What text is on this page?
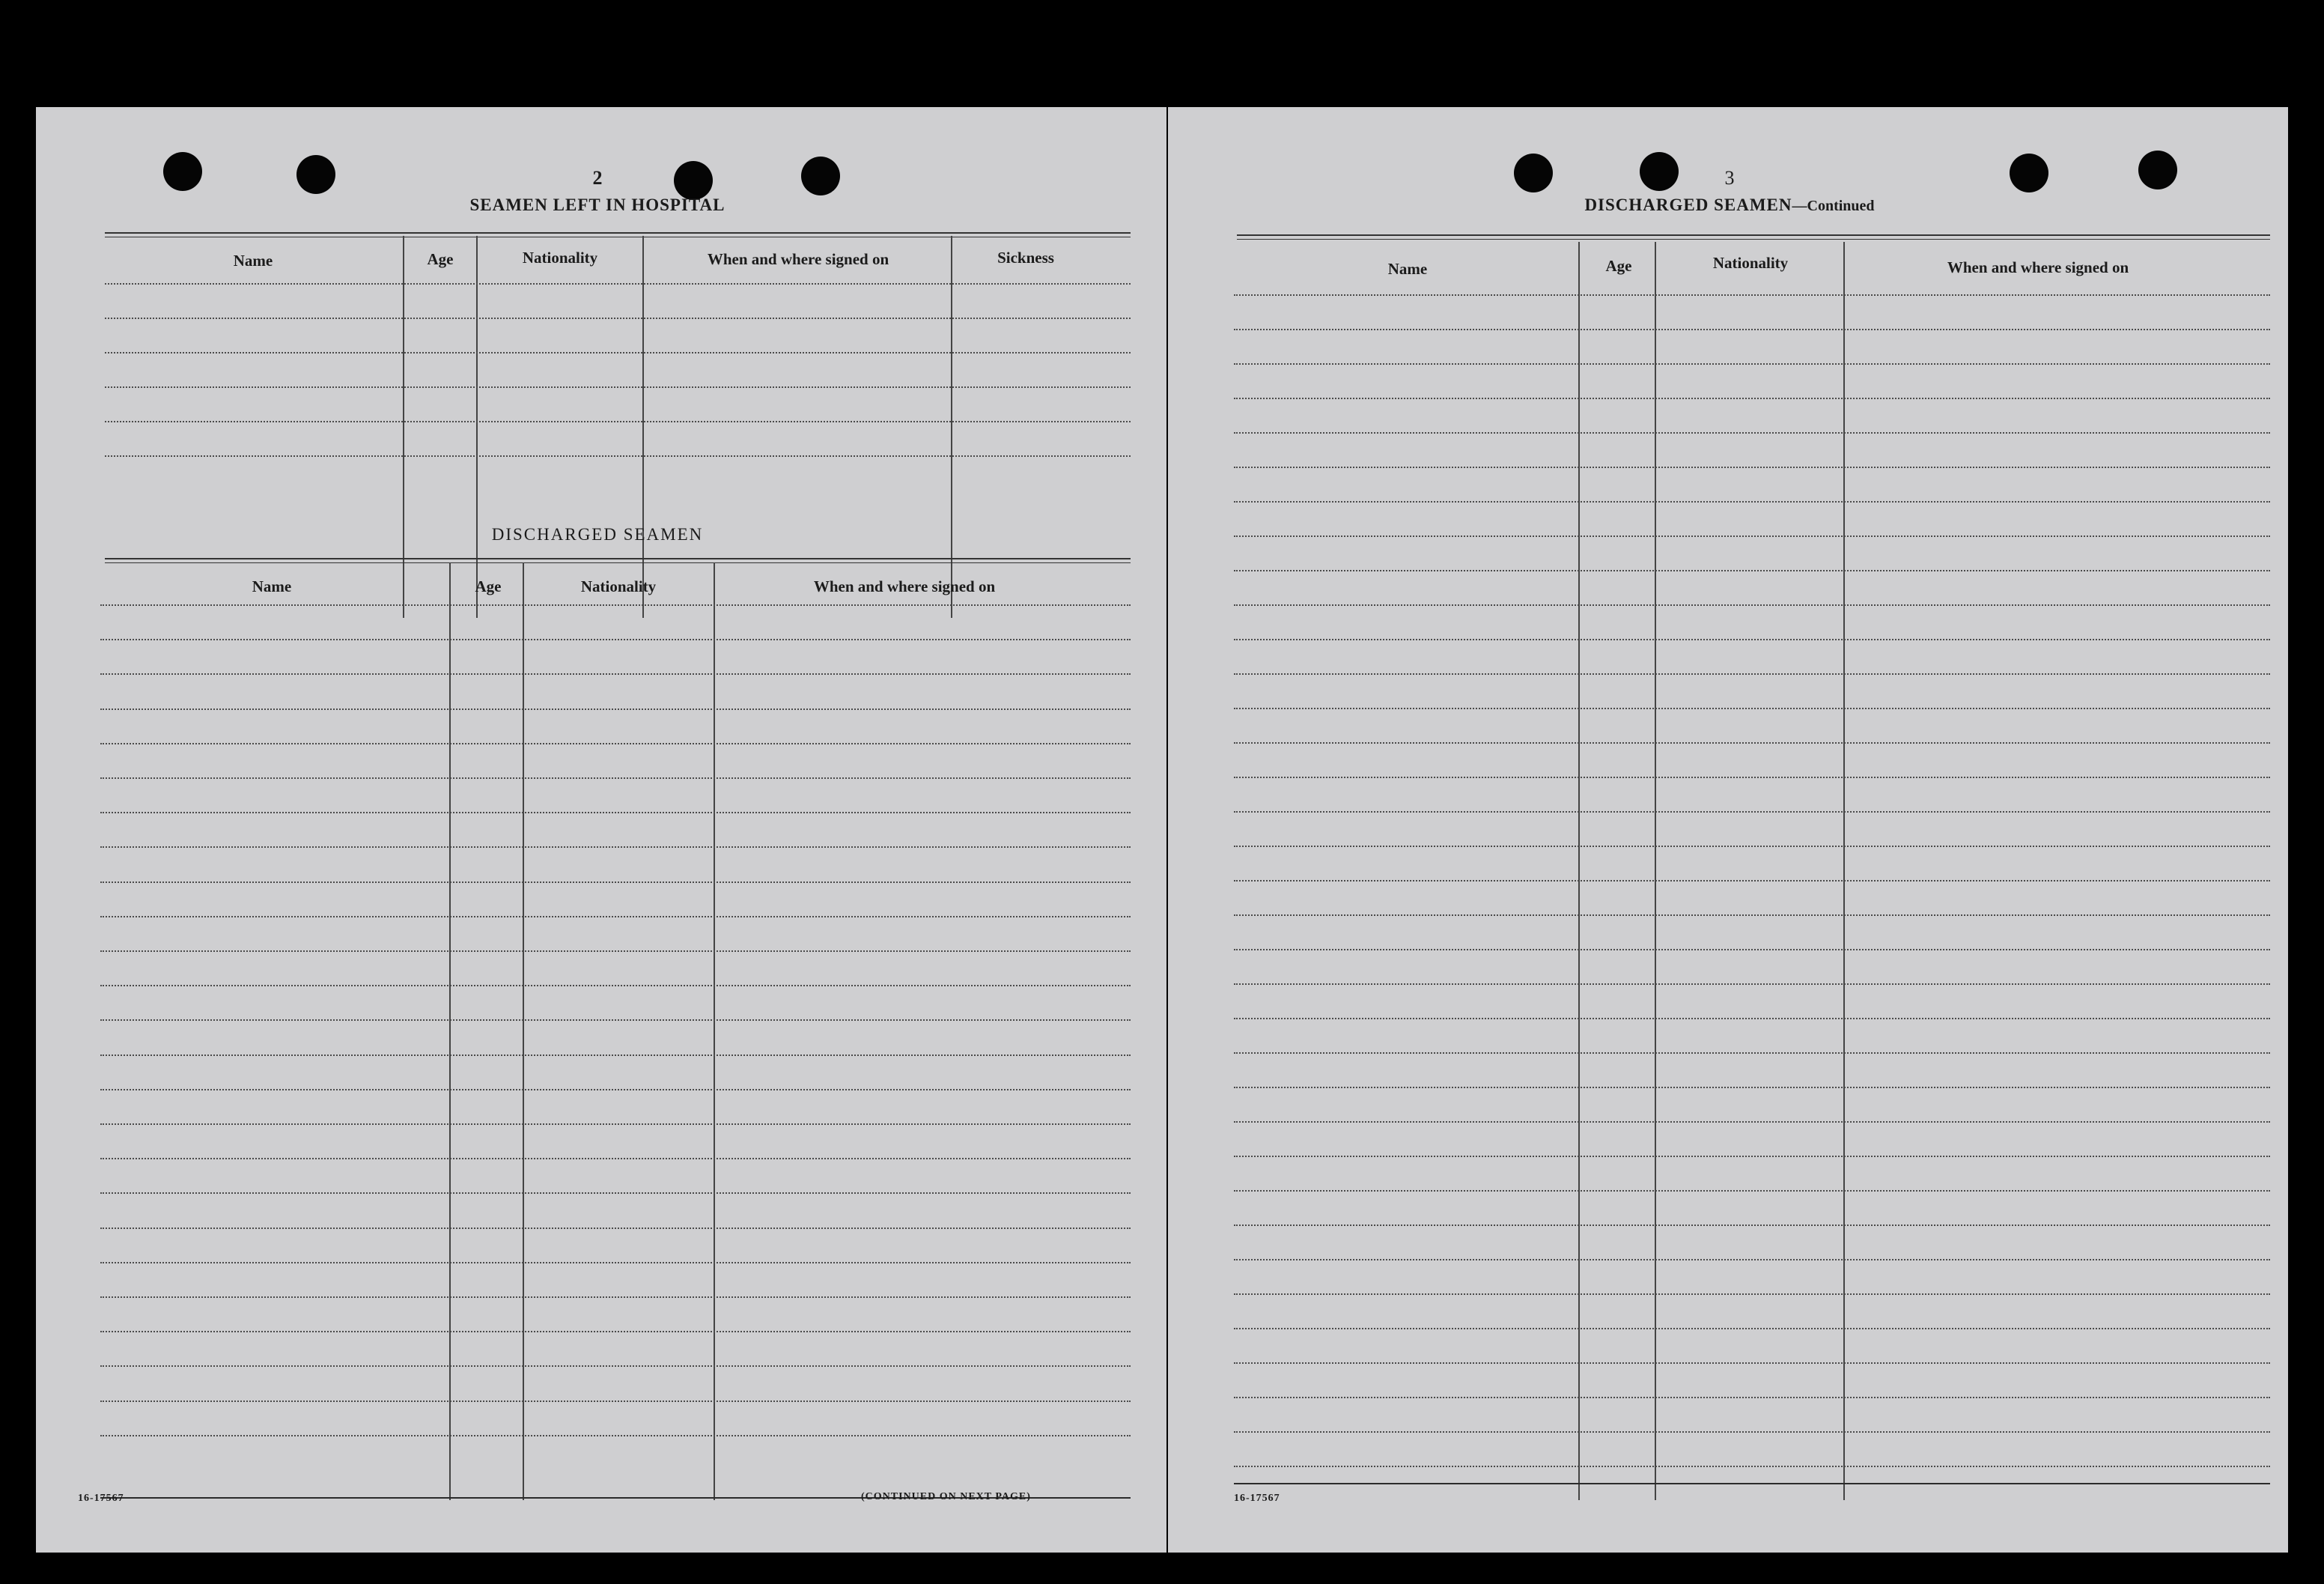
2
SEAMEN LEFT IN HOSPITAL
Name	Age	Nationality	When and where signed on	Sickness
DISCHARGED SEAMEN
Name	Age	Nationality	When and where signed on
16-17567	(CONTINUED ON NEXT PAGE)
3
DISCHARGED SEAMEN—Continued
Name	Age	Nationality	When and where signed on
16-17567
